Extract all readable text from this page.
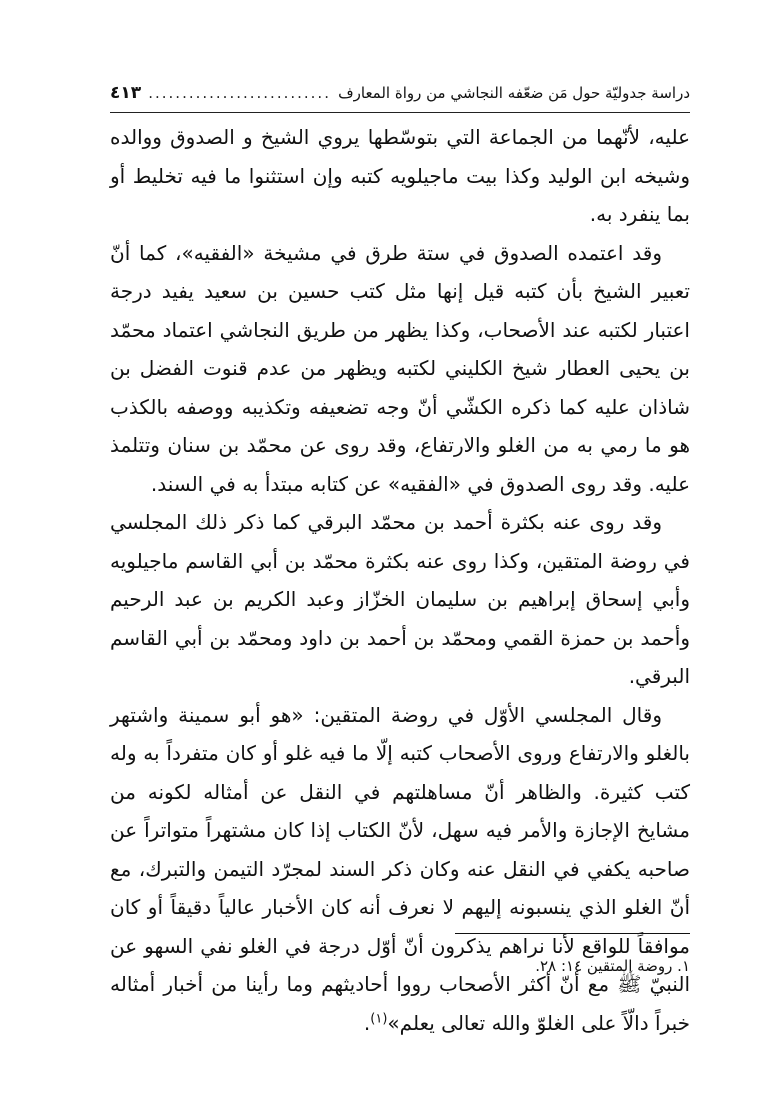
دراسة جدوليّة حول مَن ضعّفه النجاشي من رواة المعارف
...........................
٤١٣

عليه، لأنّهما من الجماعة التي بتوسّطها يروي الشيخ و الصدوق ووالده وشيخه ابن الوليد وكذا بيت ماجيلويه كتبه وإن استثنوا ما فيه تخليط أو بما ينفرد به.

وقد اعتمده الصدوق في ستة طرق في مشيخة «الفقيه»، كما أنّ تعبير الشيخ بأن كتبه قيل إنها مثل كتب حسين بن سعيد يفيد درجة اعتبار لكتبه عند الأصحاب، وكذا يظهر من طريق النجاشي اعتماد محمّد بن يحيى العطار شيخ الكليني لكتبه ويظهر من عدم قنوت الفضل بن شاذان عليه كما ذكره الكشّي أنّ وجه تضعيفه وتكذيبه ووصفه بالكذب هو ما رمي به من الغلو والارتفاع، وقد روى عن محمّد بن سنان وتتلمذ عليه. وقد روى الصدوق في «الفقيه» عن كتابه مبتدأ به في السند.

وقد روى عنه بكثرة أحمد بن محمّد البرقي كما ذكر ذلك المجلسي في روضة المتقين، وكذا روى عنه بكثرة محمّد بن أبي القاسم ماجيلويه وأبي إسحاق إبراهيم بن سليمان الخزّاز وعبد الكريم بن عبد الرحيم وأحمد بن حمزة القمي ومحمّد بن أحمد بن داود ومحمّد بن أبي القاسم البرقي.

وقال المجلسي الأوّل في روضة المتقين: «هو أبو سمينة واشتهر بالغلو والارتفاع وروى الأصحاب كتبه إلّا ما فيه غلو أو كان متفرداً به وله كتب كثيرة. والظاهر أنّ مساهلتهم في النقل عن أمثاله لكونه من مشايخ الإجازة والأمر فيه سهل، لأنّ الكتاب إذا كان مشتهراً متواتراً عن صاحبه يكفي في النقل عنه وكان ذكر السند لمجرّد التيمن والتبرك، مع أنّ الغلو الذي ينسبونه إليهم لا نعرف أنه كان الأخبار عالياً دقيقاً أو كان موافقاً للواقع لأنا نراهم يذكرون أنّ أوّل درجة في الغلو نفي السهو عن النبيّ ﷺ مع أنّ أكثر الأصحاب رووا أحاديثهم وما رأينا من أخبار أمثاله خبراً دالّاً على الغلوّ والله تعالى يعلم»$^{(١)}$.

١. روضة المتقين ١٤: ٢٨.
